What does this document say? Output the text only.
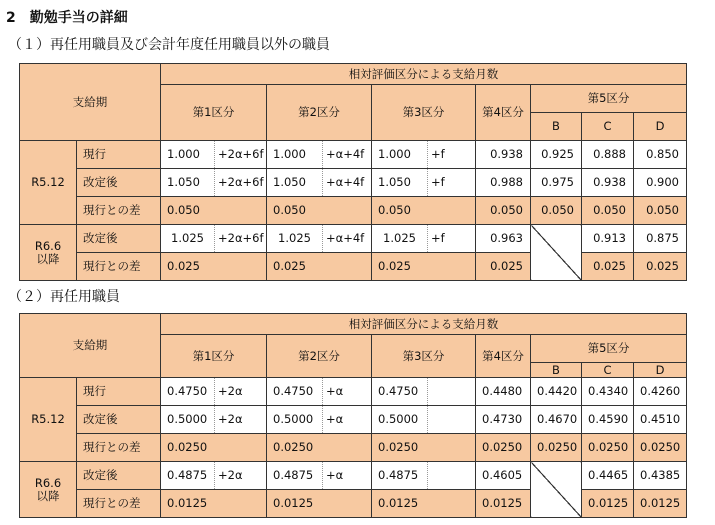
2　勤勉手当の詳細
（１）再任用職員及び会計年度任用職員以外の職員
支給期		相対評価区分による支給月数									
		第1区分		第2区分		第3区分		第4区分	第5区分		
									B	C	D
R5.12	現行	1.000	+2α+6f	1.000	+α+4f	1.000	+f	0.938	0.925	0.888	0.850
	改定後	1.050	+2α+6f	1.050	+α+4f	1.050	+f	0.988	0.975	0.938	0.900
	現行との差	0.050		0.050		0.050		0.050	0.050	0.050	0.050
R6.6
以降	改定後	1.025	+2α+6f	1.025	+α+4f	1.025	+f	0.963		0.913	0.875
	現行との差	0.025		0.025		0.025		0.025		0.025	0.025
（２）再任用職員
支給期		相対評価区分による支給月数									
		第1区分		第2区分		第3区分		第4区分	第5区分		
									B	C	D
R5.12	現行	0.4750	+2α	0.4750	+α	0.4750		0.4480	0.4420	0.4340	0.4260
	改定後	0.5000	+2α	0.5000	+α	0.5000		0.4730	0.4670	0.4590	0.4510
	現行との差	0.0250		0.0250		0.0250		0.0250	0.0250	0.0250	0.0250
R6.6
以降	改定後	0.4875	+2α	0.4875	+α	0.4875		0.4605		0.4465	0.4385
	現行との差	0.0125		0.0125		0.0125		0.0125		0.0125	0.0125
